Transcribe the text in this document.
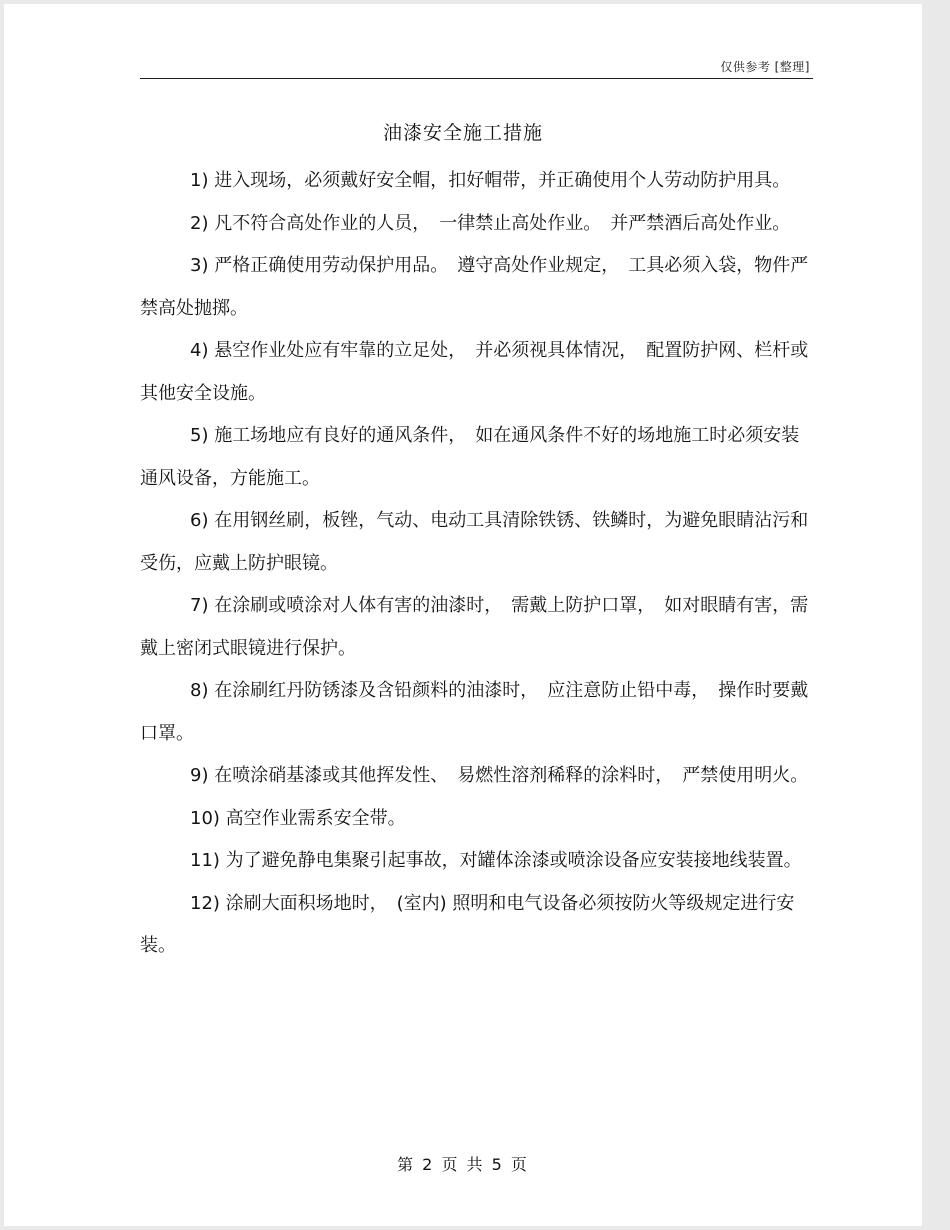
仅供参考 [整理]
油漆安全施工措施

1) 进入现场，必须戴好安全帽，扣好帽带，并正确使用个人劳动防护用具。

2) 凡不符合高处作业的人员，　一律禁止高处作业。　并严禁酒后高处作业。

3) 严格正确使用劳动保护用品。　遵守高处作业规定，　工具必须入袋，物件严禁高处抛掷。

4) 悬空作业处应有牢靠的立足处，　并必须视具体情况，　配置防护网、栏杆或其他安全设施。

5) 施工场地应有良好的通风条件，　如在通风条件不好的场地施工时必须安装通风设备，方能施工。

6) 在用钢丝刷，板锉，气动、电动工具清除铁锈、铁鳞时，为避免眼睛沾污和受伤，应戴上防护眼镜。

7) 在涂刷或喷涂对人体有害的油漆时，　需戴上防护口罩，　如对眼睛有害，需戴上密闭式眼镜进行保护。

8) 在涂刷红丹防锈漆及含铅颜料的油漆时，　应注意防止铅中毒，　操作时要戴口罩。

9) 在喷涂硝基漆或其他挥发性、　易燃性溶剂稀释的涂料时，　严禁使用明火。

10) 高空作业需系安全带。

11) 为了避免静电集聚引起事故，对罐体涂漆或喷涂设备应安装接地线装置。

12) 涂刷大面积场地时，　(室内) 照明和电气设备必须按防火等级规定进行安装。

第 2 页 共 5 页
